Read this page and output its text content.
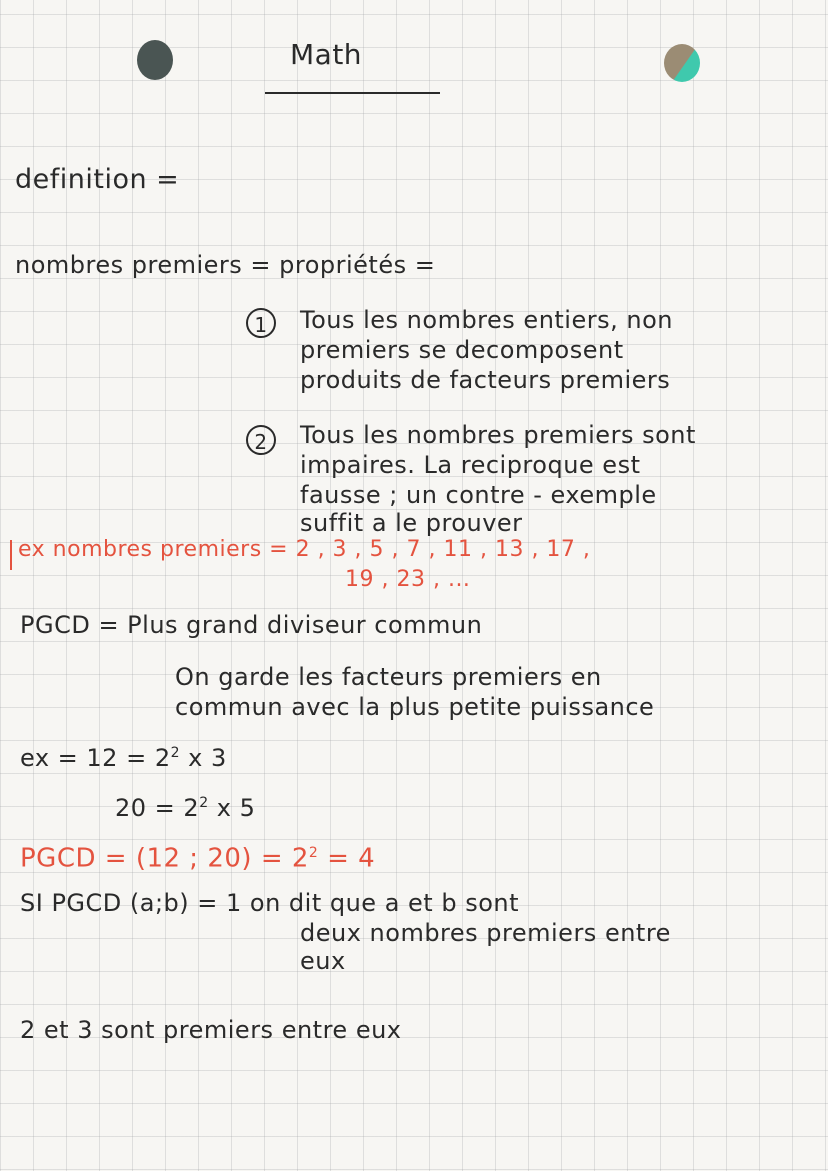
Math
definition =
nombres premiers = propriétés =
1	Tous les nombres entiers, non
premiers se decomposent
produits de facteurs premiers
2	Tous les nombres premiers sont
impaires. La reciproque est
fausse ; un contre - exemple
suffit a le prouver
ex nombres premiers = 2 , 3 , 5 , 7 , 11 , 13 , 17 ,
19 , 23 , ...
PGCD = Plus grand diviseur commun
On garde les facteurs premiers en
commun avec la plus petite puissance
ex = $12 = 2^2$ x 3
$20 = 2^2$ x 5
PGCD = (12 ; $20) = 2^2 = 4$
SI PGCD (a;b) = 1 on dit que a et b sont
deux nombres premiers entre
eux
2 et 3 sont premiers entre eux
